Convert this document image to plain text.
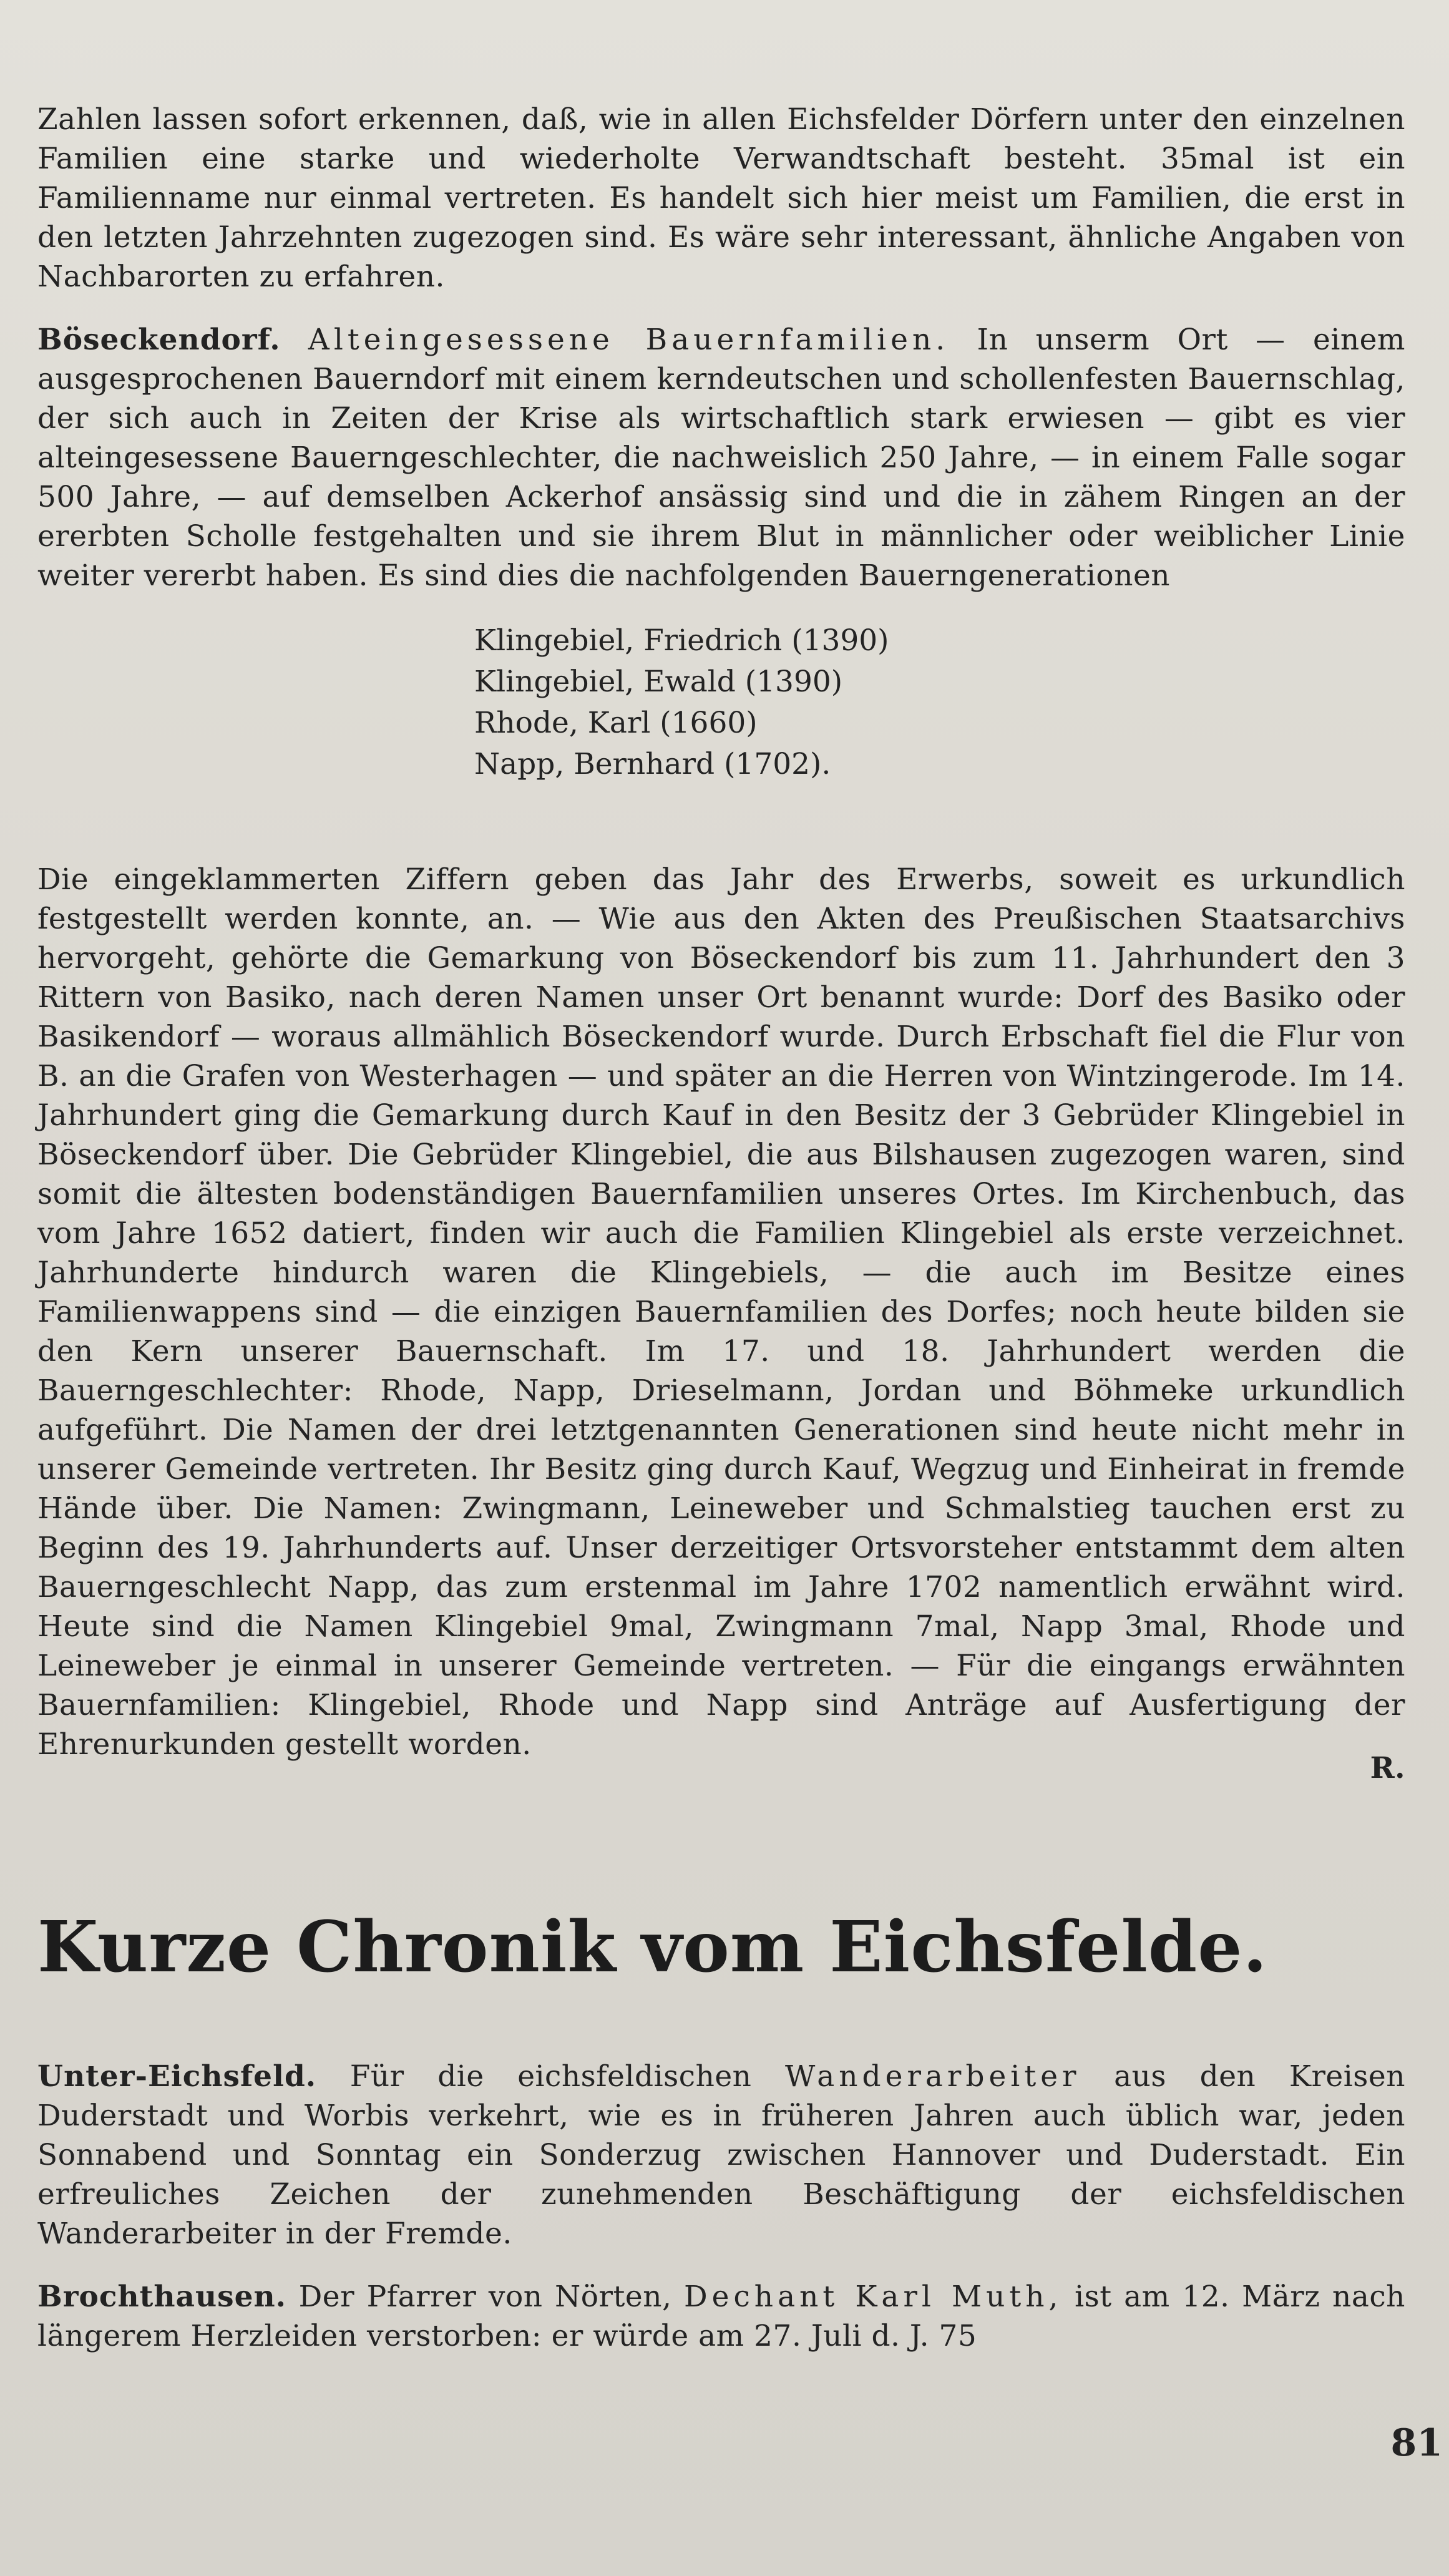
Zahlen lassen sofort erkennen, daß, wie in allen Eichsfelder Dörfern unter den einzelnen Familien eine starke und wiederholte Verwandtschaft besteht. 35mal ist ein Familienname nur einmal vertreten. Es handelt sich hier meist um Familien, die erst in den letzten Jahrzehnten zugezogen sind. Es wäre sehr interessant, ähnliche Angaben von Nachbarorten zu erfahren.

Böseckendorf. Alteingesessene Bauernfamilien. In unserm Ort — einem ausgesprochenen Bauerndorf mit einem kerndeutschen und schollenfesten Bauernschlag, der sich auch in Zeiten der Krise als wirtschaftlich stark erwiesen — gibt es vier alteingesessene Bauerngeschlechter, die nachweislich 250 Jahre, — in einem Falle sogar 500 Jahre, — auf demselben Ackerhof ansässig sind und die in zähem Ringen an der ererbten Scholle festgehalten und sie ihrem Blut in männlicher oder weiblicher Linie weiter vererbt haben. Es sind dies die nachfolgenden Bauerngenerationen

Klingebiel, Friedrich (1390)
Klingebiel, Ewald (1390)
Rhode, Karl (1660)
Napp, Bernhard (1702).

Die eingeklammerten Ziffern geben das Jahr des Erwerbs, soweit es urkundlich festgestellt werden konnte, an. — Wie aus den Akten des Preußischen Staatsarchivs hervorgeht, gehörte die Gemarkung von Böseckendorf bis zum 11. Jahrhundert den 3 Rittern von Basiko, nach deren Namen unser Ort benannt wurde: Dorf des Basiko oder Basikendorf — woraus allmählich Böseckendorf wurde. Durch Erbschaft fiel die Flur von B. an die Grafen von Westerhagen — und später an die Herren von Wintzingerode. Im 14. Jahrhundert ging die Gemarkung durch Kauf in den Besitz der 3 Gebrüder Klingebiel in Böseckendorf über. Die Gebrüder Klingebiel, die aus Bilshausen zugezogen waren, sind somit die ältesten bodenständigen Bauernfamilien unseres Ortes. Im Kirchenbuch, das vom Jahre 1652 datiert, finden wir auch die Familien Klingebiel als erste verzeichnet. Jahrhunderte hindurch waren die Klingebiels, — die auch im Besitze eines Familienwappens sind — die einzigen Bauernfamilien des Dorfes; noch heute bilden sie den Kern unserer Bauernschaft. Im 17. und 18. Jahrhundert werden die Bauerngeschlechter: Rhode, Napp, Drieselmann, Jordan und Böhmeke urkundlich aufgeführt. Die Namen der drei letztgenannten Generationen sind heute nicht mehr in unserer Gemeinde vertreten. Ihr Besitz ging durch Kauf, Wegzug und Einheirat in fremde Hände über. Die Namen: Zwingmann, Leineweber und Schmalstieg tauchen erst zu Beginn des 19. Jahrhunderts auf. Unser derzeitiger Ortsvorsteher entstammt dem alten Bauerngeschlecht Napp, das zum erstenmal im Jahre 1702 namentlich erwähnt wird. Heute sind die Namen Klingebiel 9mal, Zwingmann 7mal, Napp 3mal, Rhode und Leineweber je einmal in unserer Gemeinde vertreten. — Für die eingangs erwähnten Bauernfamilien: Klingebiel, Rhode und Napp sind Anträge auf Ausfertigung der Ehrenurkunden gestellt worden.

R.
Kurze Chronik vom Eichsfelde.

Unter-Eichsfeld. Für die eichsfeldischen Wanderarbeiter aus den Kreisen Duderstadt und Worbis verkehrt, wie es in früheren Jahren auch üblich war, jeden Sonnabend und Sonntag ein Sonderzug zwischen Hannover und Duderstadt. Ein erfreuliches Zeichen der zunehmenden Beschäftigung der eichsfeldischen Wanderarbeiter in der Fremde.

Brochthausen. Der Pfarrer von Nörten, Dechant Karl Muth, ist am 12. März nach längerem Herzleiden verstorben: er würde am 27. Juli d. J. 75

81
